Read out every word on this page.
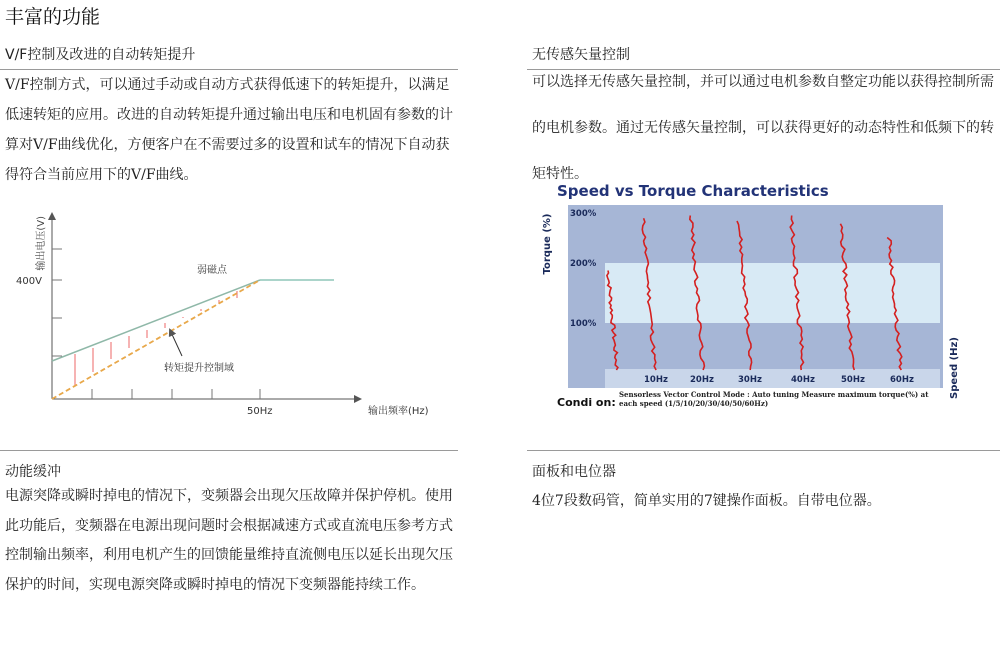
丰富的功能
V/F控制及改进的自动转矩提升

V/F控制方式，可以通过手动或自动方式获得低速下的转矩提升，以满足低速转矩的应用。改进的自动转矩提升通过输出电压和电机固有参数的计算对V/F曲线优化，方便客户在不需要过多的设置和试车的情况下自动获得符合当前应用下的V/F曲线。

输出电压(V)
400V
50Hz	输出频率(Hz)
弱磁点
转矩提升控制域
无传感矢量控制

可以选择无传感矢量控制，并可以通过电机参数自整定功能以获得控制所需的电机参数。通过无传感矢量控制，可以获得更好的动态特性和低频下的转矩特性。

Speed vs Torque Characteristics
Torque (%) 300%
200%
100%
10Hz	20Hz	30Hz	40Hz	50Hz	60Hz	Speed (Hz)
Condi on:
Sensorless Vector Control Mode : Auto tuning Measure maximum torque(%) at each speed (1/5/10/20/30/40/50/60Hz)
动能缓冲

电源突降或瞬时掉电的情况下，变频器会出现欠压故障并保护停机。使用此功能后，变频器在电源出现问题时会根据减速方式或直流电压参考方式控制输出频率，利用电机产生的回馈能量维持直流侧电压以延长出现欠压保护的时间，实现电源突降或瞬时掉电的情况下变频器能持续工作。

面板和电位器

4位7段数码管，简单实用的7键操作面板。自带电位器。
